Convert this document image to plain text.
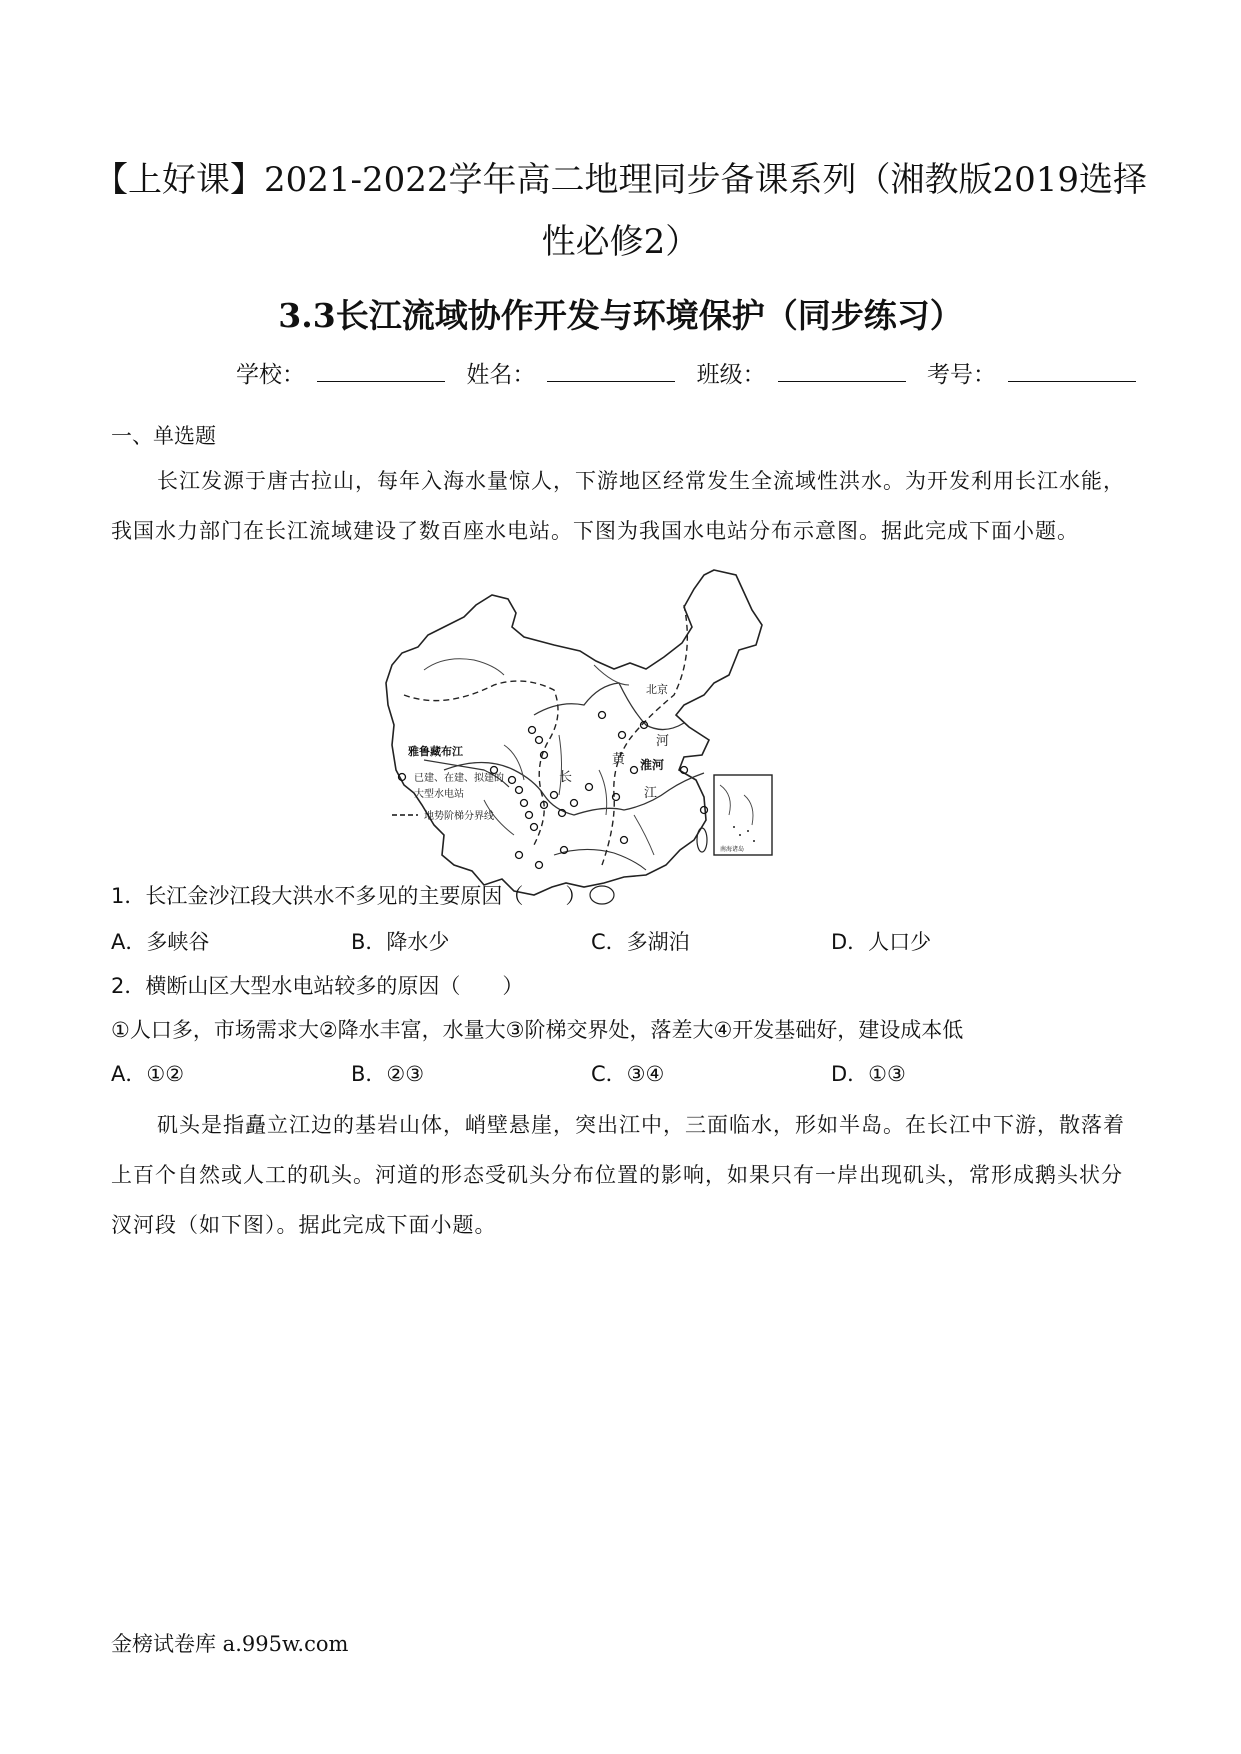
【上好课】2021-2022学年高二地理同步备课系列（湘教版2019选择
性必修2）
3.3长江流域协作开发与环境保护（同步练习）
学校：	姓名：	班级：	考号：
一、单选题

长江发源于唐古拉山，每年入海水量惊人，下游地区经常发生全流域性洪水。为开发利用长江水能，

我国水力部门在长江流域建设了数百座水电站。下图为我国水电站分布示意图。据此完成下面小题。

北京
河
黄 淮河
江
长
雅鲁藏布江
已建、在建、拟建的
大型水电站
地势阶梯分界线
南海诸岛
1．长江金沙江段大洪水不多见的主要原因（　　）
A．多峡谷	B．降水少	C．多湖泊	D．人口少
2．横断山区大型水电站较多的原因（　　）
①人口多，市场需求大②降水丰富，水量大③阶梯交界处，落差大④开发基础好，建设成本低
A．①②	B．②③	C．③④	D．①③

矶头是指矗立江边的基岩山体，峭壁悬崖，突出江中，三面临水，形如半岛。在长江中下游，散落着

上百个自然或人工的矶头。河道的形态受矶头分布位置的影响，如果只有一岸出现矶头，常形成鹅头状分

汊河段（如下图）。据此完成下面小题。

金榜试卷库 a.995w.com
